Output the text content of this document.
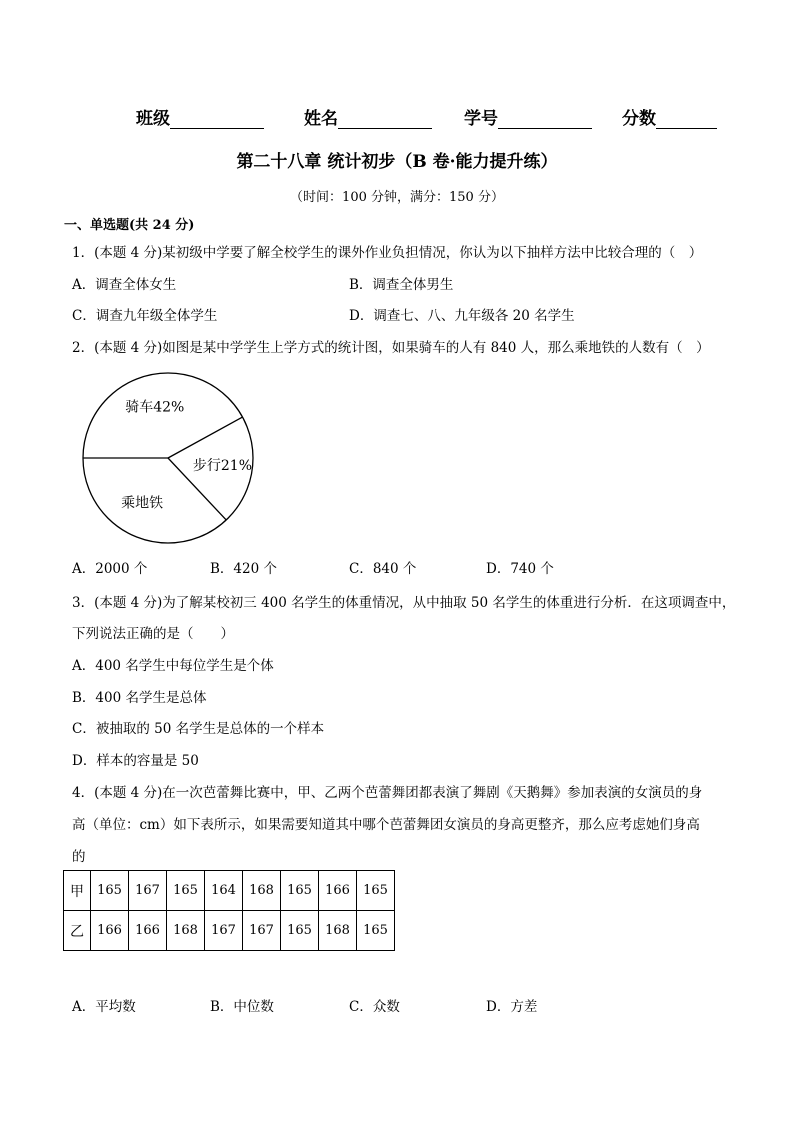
班级	姓名	学号	分数
第二十八章 统计初步（B 卷·能力提升练）
（时间：100 分钟，满分：150 分）
一、单选题(共 24 分)
1．(本题 4 分)某初级中学要了解全校学生的课外作业负担情况，你认为以下抽样方法中比较合理的（　）
A．调查全体女生	B．调查全体男生
C．调查九年级全体学生	D．调查七、八、九年级各 20 名学生
2．(本题 4 分)如图是某中学学生上学方式的统计图，如果骑车的人有 840 人，那么乘地铁的人数有（　）
骑车42%
步行21%
乘地铁
A．2000 个	B．420 个	C．840 个	D．740 个
3．(本题 4 分)为了解某校初三 400 名学生的体重情况，从中抽取 50 名学生的体重进行分析．在这项调查中，
下列说法正确的是（　　）
A．400 名学生中每位学生是个体
B．400 名学生是总体
C．被抽取的 50 名学生是总体的一个样本
D．样本的容量是 50
4．(本题 4 分)在一次芭蕾舞比赛中，甲、乙两个芭蕾舞团都表演了舞剧《天鹅舞》参加表演的女演员的身
高（单位：cm）如下表所示，如果需要知道其中哪个芭蕾舞团女演员的身高更整齐，那么应考虑她们身高
的
甲	165	167	165	164	168	165	166	165
乙	166	166	168	167	167	165	168	165
A．平均数	B．中位数	C．众数	D．方差
